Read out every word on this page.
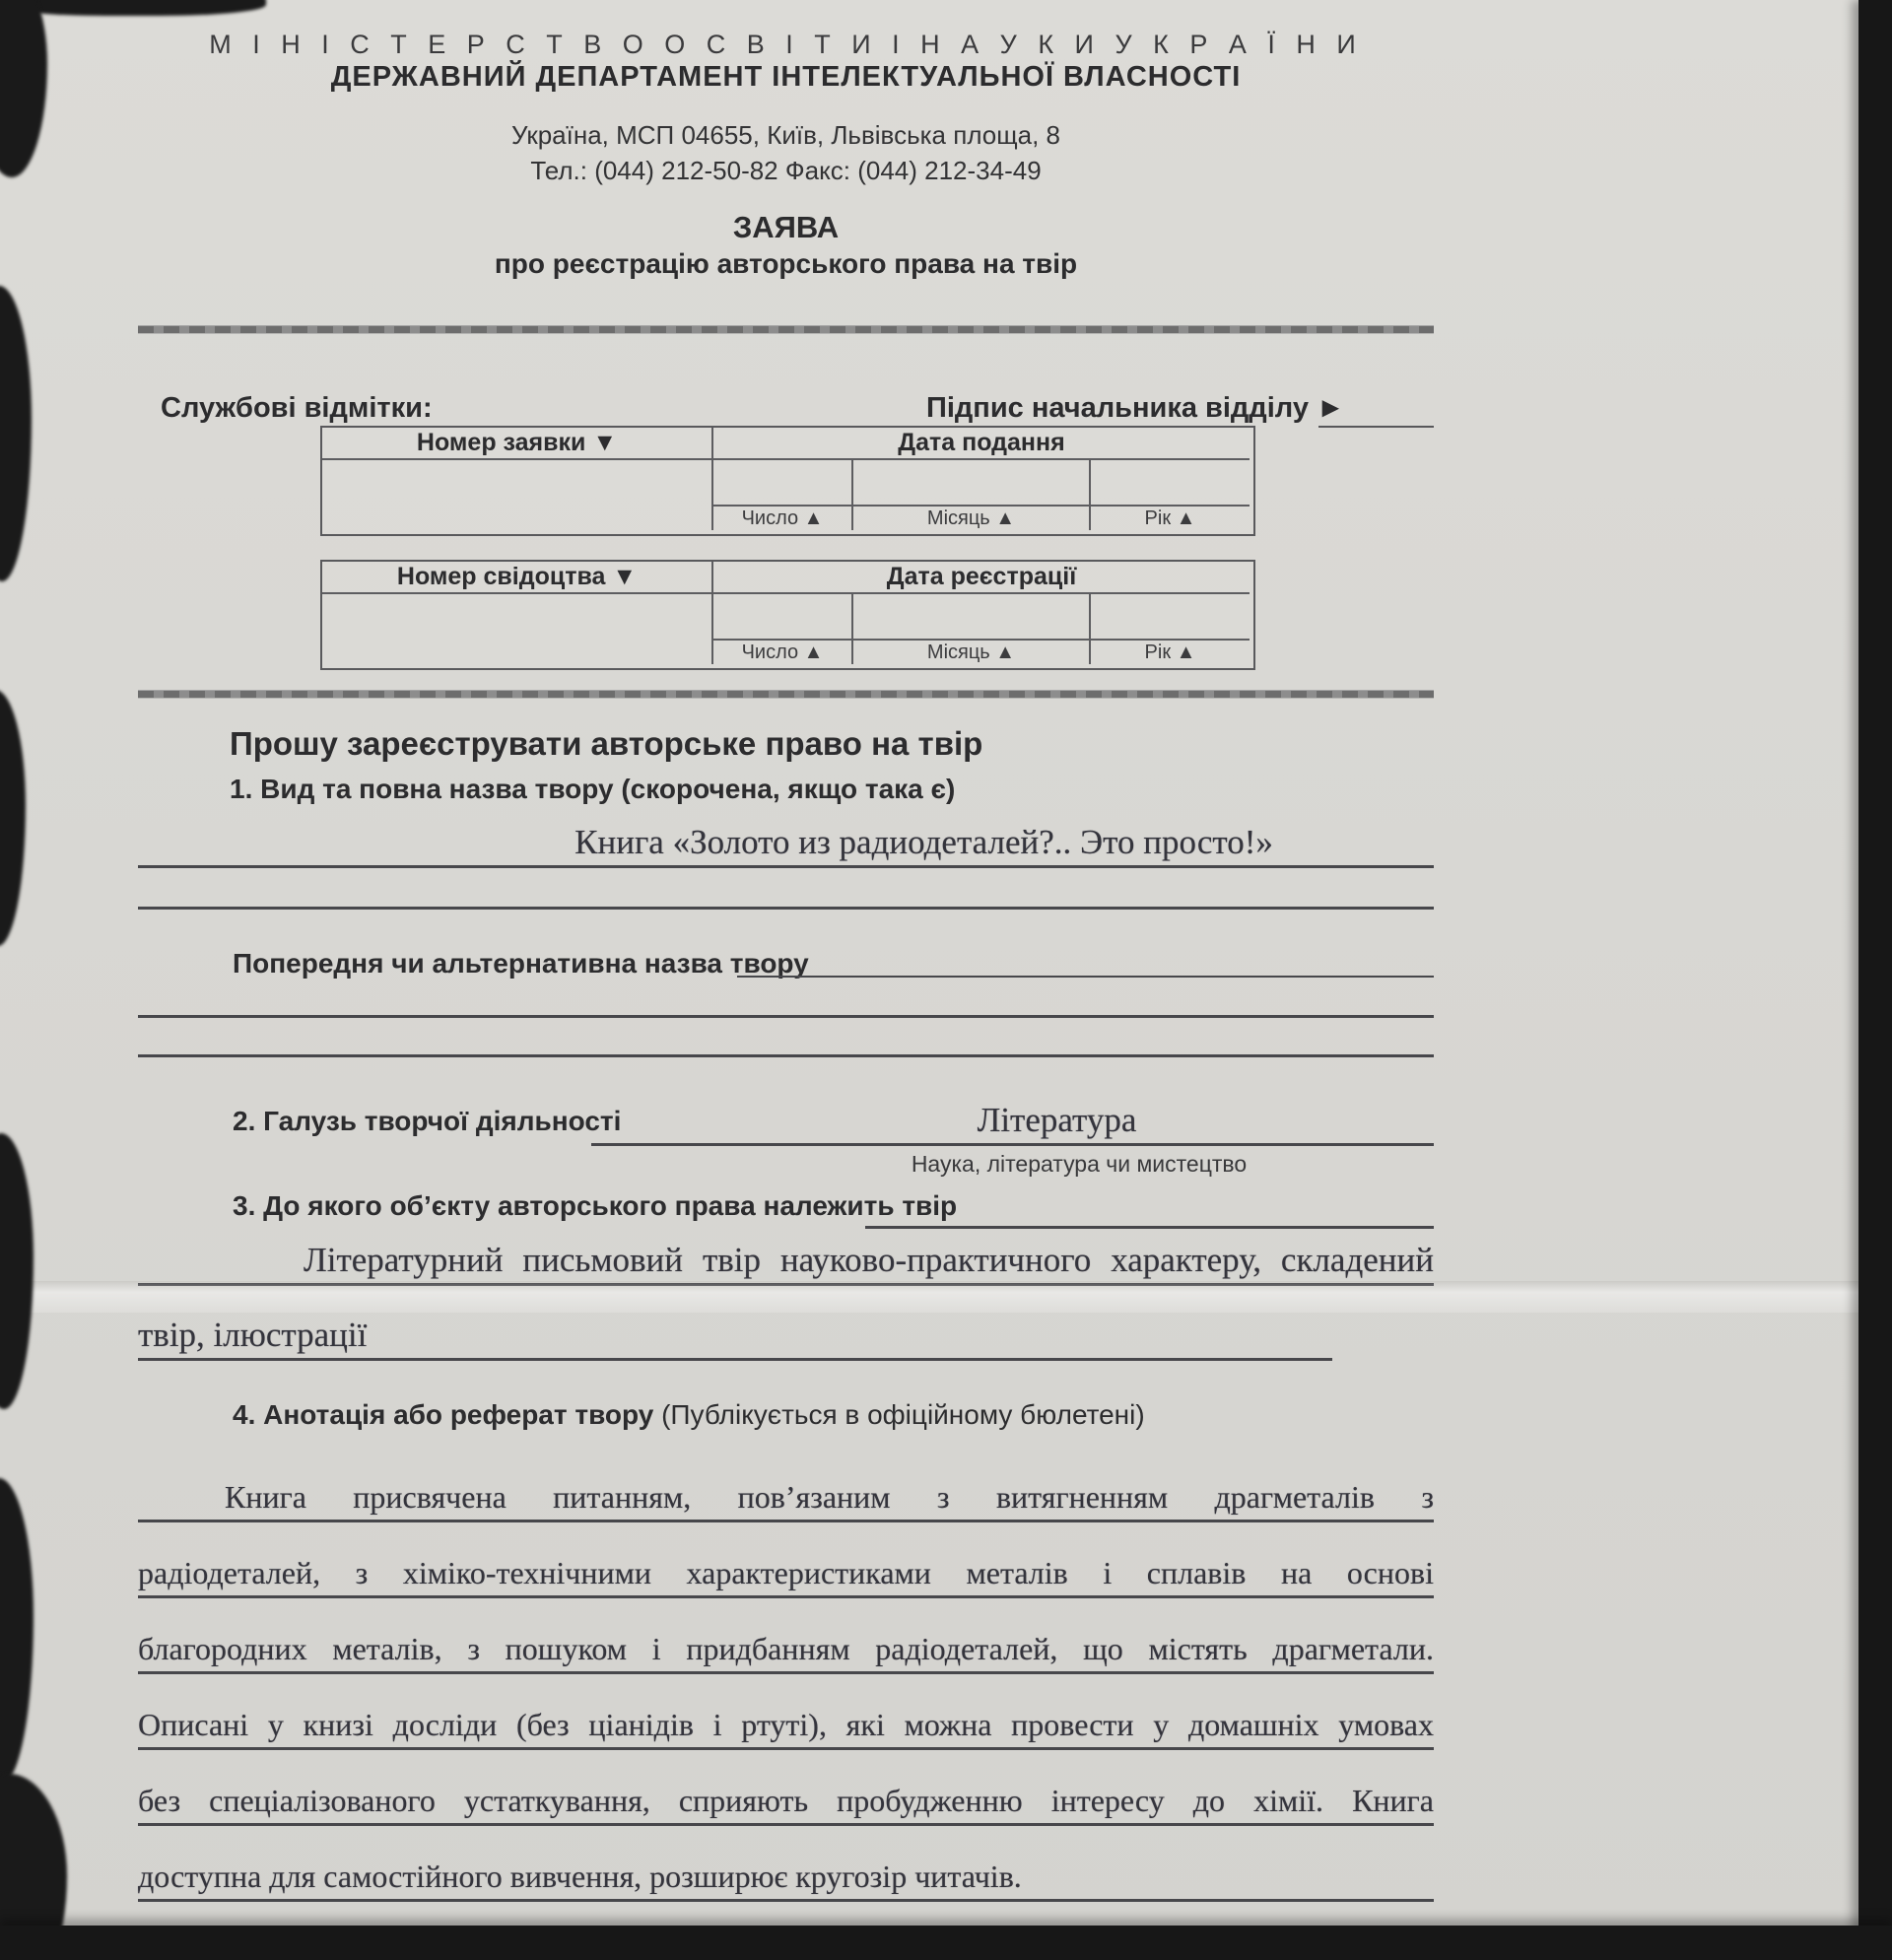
М І Н І С Т Е Р С Т В О О С В І Т И І Н А У К И У К Р А Ї Н И
ДЕРЖАВНИЙ ДЕПАРТАМЕНТ ІНТЕЛЕКТУАЛЬНОЇ ВЛАСНОСТІ
Україна, МСП 04655, Київ, Львівська площа, 8
Тел.: (044) 212-50-82 Факс: (044) 212-34-49
ЗАЯВА
про реєстрацію авторського права на твір
Службові відмітки:	Підпис начальника відділу ►
Номер заявки ▼	Дата подання
Число ▲	Місяць ▲	Рік ▲
Номер свідоцтва ▼	Дата реєстрації
Число ▲	Місяць ▲	Рік ▲
Прошу зареєструвати авторське право на твір
1. Вид та повна назва твору (скорочена, якщо така є)
Книга «Золото из радиодеталей?.. Это просто!»
Попередня чи альтернативна назва твору
2. Галузь творчої діяльності	Література
Наука, література чи мистецтво
3. До якого об’єкту авторського права належить твір
Літературний письмовий твір науково-практичного характеру, складений
твір, ілюстрації
4. Анотація або реферат твору (Публікується в офіційному бюлетені)
Книга присвячена питанням, пов’язаним з витягненням драгметалів з
радіодеталей, з хіміко-технічними характеристиками металів і сплавів на основі
благородних металів, з пошуком і придбанням радіодеталей, що містять драгметали.
Описані у книзі досліди (без ціанідів і ртуті), які можна провести у домашніх умовах
без спеціалізованого устаткування, сприяють пробудженню інтересу до хімії. Книга
доступна для самостійного вивчення, розширює кругозір читачів.
